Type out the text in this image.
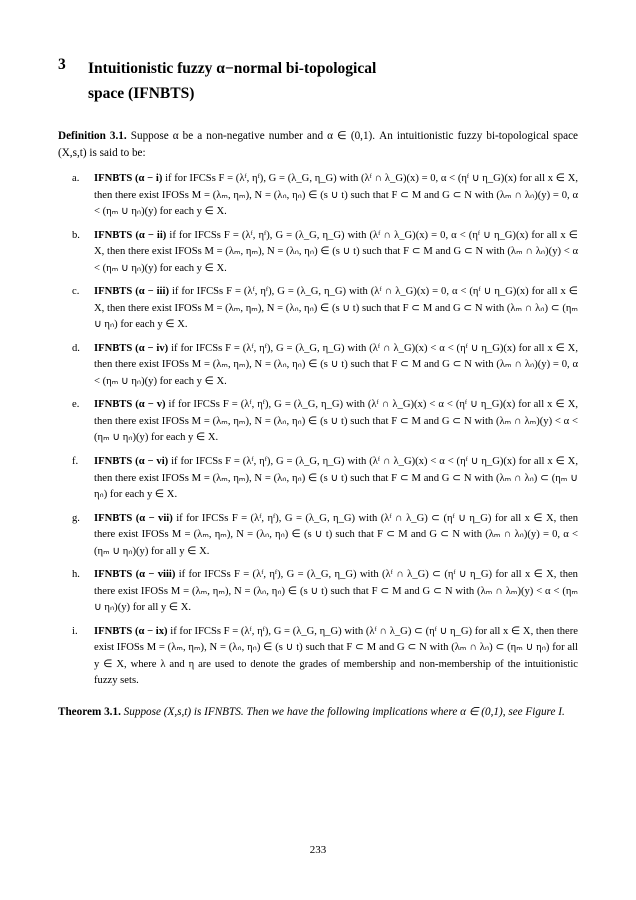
3	Intuitionistic fuzzy α−normal bi-topological
space (IFNBTS)
Definition 3.1. Suppose α be a non-negative number and α ∈ (0,1). An intuitionistic fuzzy bi-topological space (X,s,t) is said to be:
a.	IFNBTS (α − i) if for IFCSs F = (λᶠ, ηᶠ), G = (λ_G, η_G) with (λᶠ ∩ λ_G)(x) = 0, α < (ηᶠ ∪ η_G)(x) for all x ∈ X, then there exist IFOSs M = (λₘ, ηₘ), N = (λₙ, ηₙ) ∈ (s ∪ t) such that F ⊂ M and G ⊂ N with (λₘ ∩ λₙ)(y) = 0, α < (ηₘ ∪ ηₙ)(y) for each y ∈ X.
b.	IFNBTS (α − ii) if for IFCSs F = (λᶠ, ηᶠ), G = (λ_G, η_G) with (λᶠ ∩ λ_G)(x) = 0, α < (ηᶠ ∪ η_G)(x) for all x ∈ X, then there exist IFOSs M = (λₘ, ηₘ), N = (λₙ, ηₙ) ∈ (s ∪ t) such that F ⊂ M and G ⊂ N with (λₘ ∩ λₙ)(y) < α < (ηₘ ∪ ηₙ)(y) for each y ∈ X.
c.	IFNBTS (α − iii) if for IFCSs F = (λᶠ, ηᶠ), G = (λ_G, η_G) with (λᶠ ∩ λ_G)(x) = 0, α < (ηᶠ ∪ η_G)(x) for all x ∈ X, then there exist IFOSs M = (λₘ, ηₘ), N = (λₙ, ηₙ) ∈ (s ∪ t) such that F ⊂ M and G ⊂ N with (λₘ ∩ λₙ) ⊂ (ηₘ ∪ ηₙ) for each y ∈ X.
d.	IFNBTS (α − iv) if for IFCSs F = (λᶠ, ηᶠ), G = (λ_G, η_G) with (λᶠ ∩ λ_G)(x) < α < (ηᶠ ∪ η_G)(x) for all x ∈ X, then there exist IFOSs M = (λₘ, ηₘ), N = (λₙ, ηₙ) ∈ (s ∪ t) such that F ⊂ M and G ⊂ N with (λₘ ∩ λₙ)(y) = 0, α < (ηₘ ∪ ηₙ)(y) for each y ∈ X.
e.	IFNBTS (α − v) if for IFCSs F = (λᶠ, ηᶠ), G = (λ_G, η_G) with (λᶠ ∩ λ_G)(x) < α < (ηᶠ ∪ η_G)(x) for all x ∈ X, then there exist IFOSs M = (λₘ, ηₘ), N = (λₙ, ηₙ) ∈ (s ∪ t) such that F ⊂ M and G ⊂ N with (λₘ ∩ λₘ)(y) < α < (ηₘ ∪ ηₙ)(y) for each y ∈ X.
f.	IFNBTS (α − vi) if for IFCSs F = (λᶠ, ηᶠ), G = (λ_G, η_G) with (λᶠ ∩ λ_G)(x) < α < (ηᶠ ∪ η_G)(x) for all x ∈ X, then there exist IFOSs M = (λₘ, ηₘ), N = (λₙ, ηₙ) ∈ (s ∪ t) such that F ⊂ M and G ⊂ N with (λₘ ∩ λₙ) ⊂ (ηₘ ∪ ηₙ) for each y ∈ X.
g.	IFNBTS (α − vii) if for IFCSs F = (λᶠ, ηᶠ), G = (λ_G, η_G) with (λᶠ ∩ λ_G) ⊂ (ηᶠ ∪ η_G) for all x ∈ X, then there exist IFOSs M = (λₘ, ηₘ), N = (λₙ, ηₙ) ∈ (s ∪ t) such that F ⊂ M and G ⊂ N with (λₘ ∩ λₙ)(y) = 0, α < (ηₘ ∪ ηₙ)(y) for all y ∈ X.
h.	IFNBTS (α − viii) if for IFCSs F = (λᶠ, ηᶠ), G = (λ_G, η_G) with (λᶠ ∩ λ_G) ⊂ (ηᶠ ∪ η_G) for all x ∈ X, then there exist IFOSs M = (λₘ, ηₘ), N = (λₙ, ηₙ) ∈ (s ∪ t) such that F ⊂ M and G ⊂ N with (λₘ ∩ λₘ)(y) < α < (ηₘ ∪ ηₙ)(y) for all y ∈ X.
i.	IFNBTS (α − ix) if for IFCSs F = (λᶠ, ηᶠ), G = (λ_G, η_G) with (λᶠ ∩ λ_G) ⊂ (ηᶠ ∪ η_G) for all x ∈ X, then there exist IFOSs M = (λₘ, ηₘ), N = (λₙ, ηₙ) ∈ (s ∪ t) such that F ⊂ M and G ⊂ N with (λₘ ∩ λₙ) ⊂ (ηₘ ∪ ηₙ) for all y ∈ X, where λ and η are used to denote the grades of membership and non-membership of the intuitionistic fuzzy sets.
Theorem 3.1. Suppose (X,s,t) is IFNBTS. Then we have the following implications where α ∈ (0,1), see Figure I.
233
